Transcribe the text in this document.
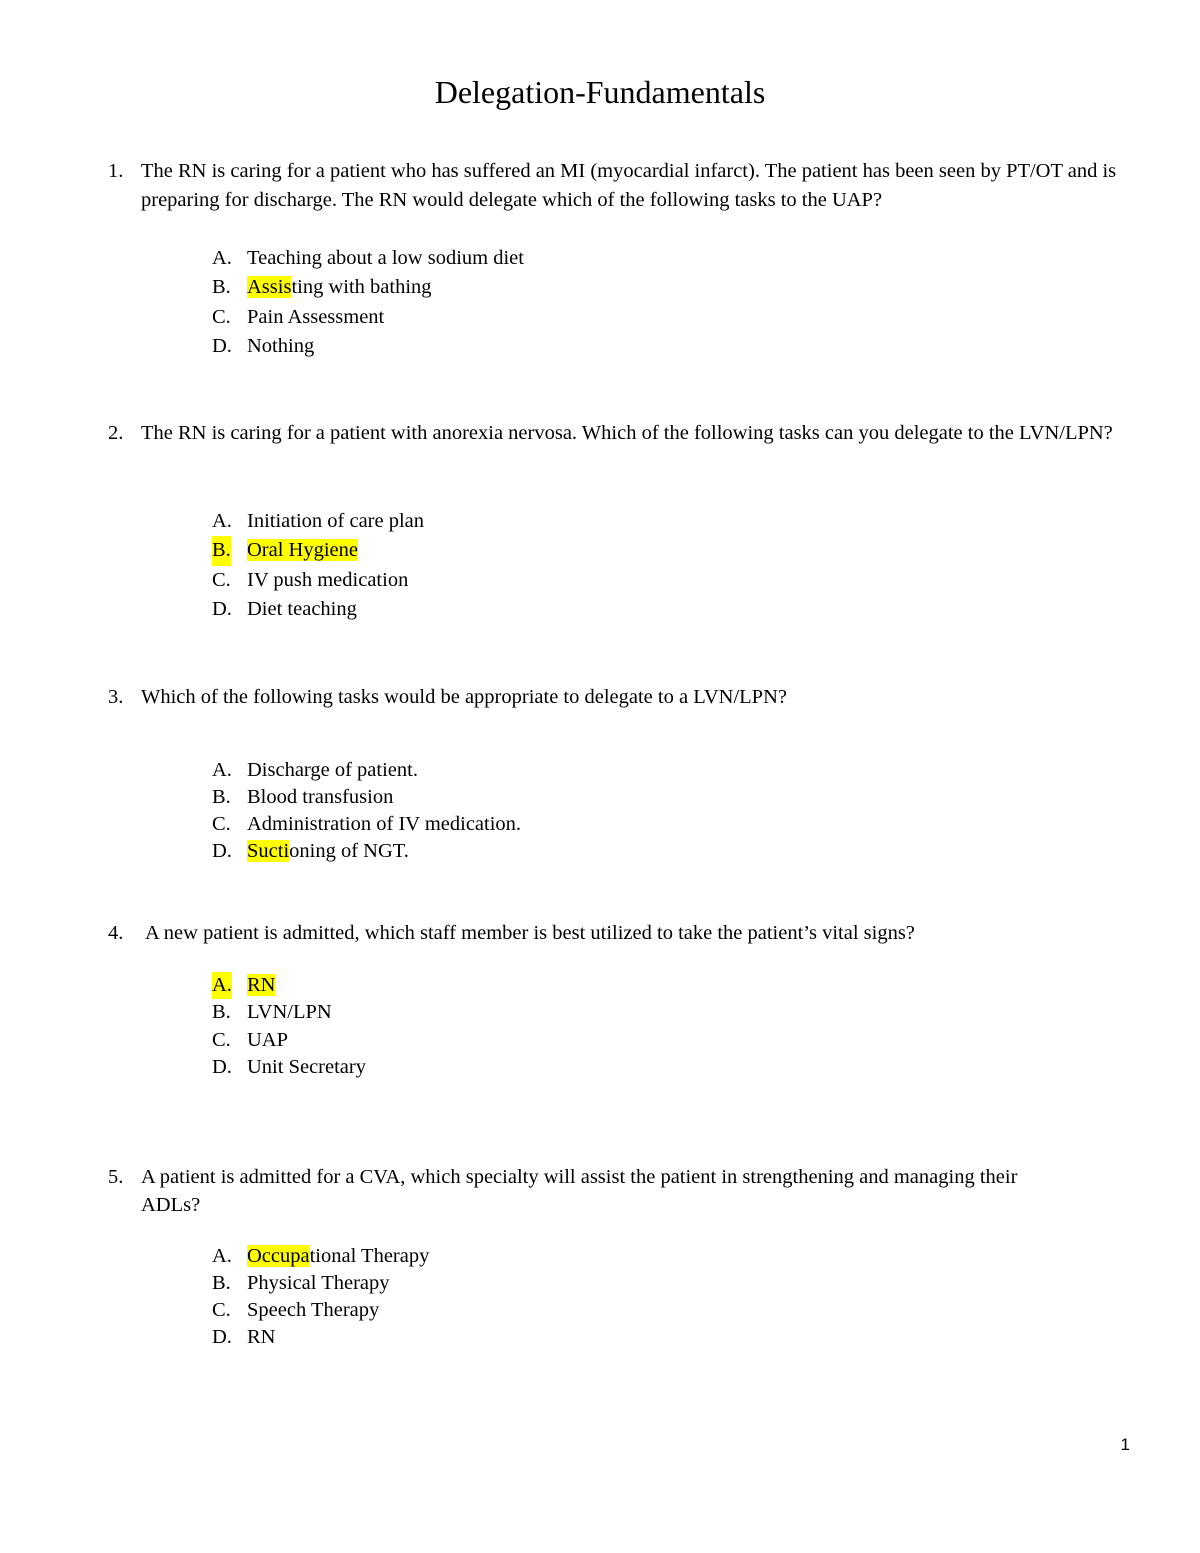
Delegation-Fundamentals
1. The RN is caring for a patient who has suffered an MI (myocardial infarct). The patient has been seen by PT/OT and is preparing for discharge. The RN would delegate which of the following tasks to the UAP?
A. Teaching about a low sodium diet
B. Assisting with bathing
C. Pain Assessment
D. Nothing
2. The RN is caring for a patient with anorexia nervosa. Which of the following tasks can you delegate to the LVN/LPN?
A. Initiation of care plan
B. Oral Hygiene
C. IV push medication
D. Diet teaching
3. Which of the following tasks would be appropriate to delegate to a LVN/LPN?
A. Discharge of patient.
B. Blood transfusion
C. Administration of IV medication.
D. Suctioning of NGT.
4. A new patient is admitted, which staff member is best utilized to take the patient’s vital signs?
A. RN
B. LVN/LPN
C. UAP
D. Unit Secretary
5. A patient is admitted for a CVA, which specialty will assist the patient in strengthening and managing their ADLs?
A. Occupational Therapy
B. Physical Therapy
C. Speech Therapy
D. RN
1
